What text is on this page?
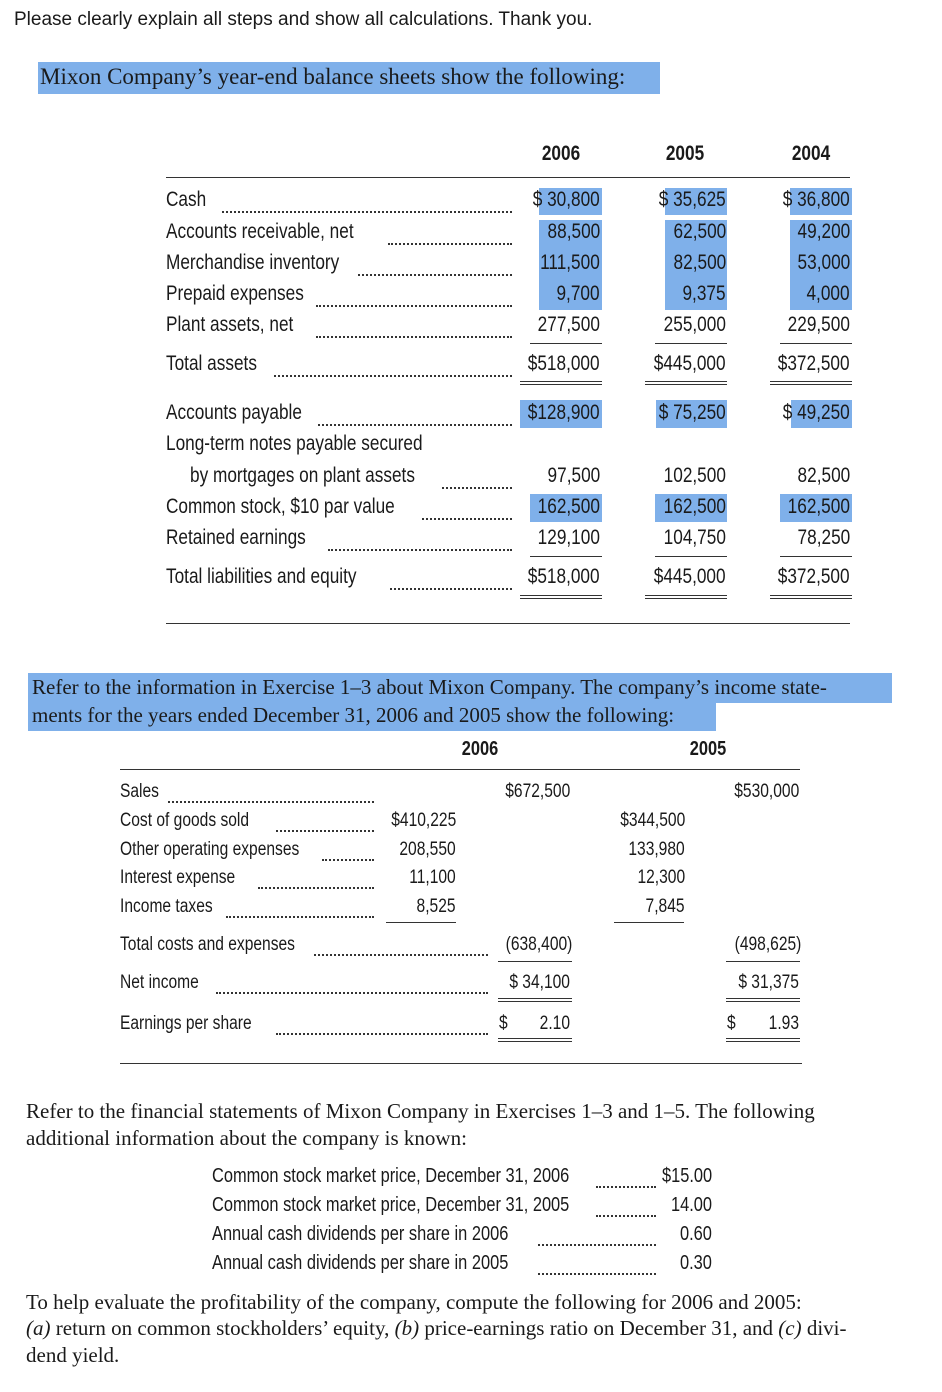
Please clearly explain all steps and show all calculations. Thank you.
Mixon Company’s year-end balance sheets show the following:
2006	2005	2004
Cash	$ 30,800	$ 35,625	$ 36,800
Accounts receivable, net	88,500	62,500	49,200
Merchandise inventory	111,500	82,500	53,000
Prepaid expenses	9,700	9,375	4,000
Plant assets, net	277,500	255,000	229,500
Total assets	$518,000	$445,000 $372,500
Accounts payable	$128,900	$ 75,250	$ 49,250
Long-term notes payable secured
by mortgages on plant assets	97,500	102,500	82,500
Common stock, $10 par value	162,500	162,500	162,500
Retained earnings	129,100	104,750	78,250
Total liabilities and equity	$518,000	$445,000 $372,500
Refer to the information in Exercise 1–3 about Mixon Company. The company’s income state-
ments for the years ended December 31, 2006 and 2005 show the following:
2006	2005
Sales	$672,500	$530,000
Cost of goods sold	$410,225	$344,500
Other operating expenses	208,550	133,980
Interest expense	11,100	12,300
Income taxes	8,525	7,845
Total costs and expenses	(638,400)	(498,625)
Net income	$ 34,100	$ 31,375
Earnings per share	$ 2.10	$ 1.93
Refer to the financial statements of Mixon Company in Exercises 1–3 and 1–5. The following
additional information about the company is known:
Common stock market price, December 31, 2006	$15.00
Common stock market price, December 31, 2005	14.00
Annual cash dividends per share in 2006	0.60
Annual cash dividends per share in 2005	0.30
To help evaluate the profitability of the company, compute the following for 2006 and 2005:
(a) return on common stockholders’ equity, (b) price-earnings ratio on December 31, and (c) divi-
dend yield.
